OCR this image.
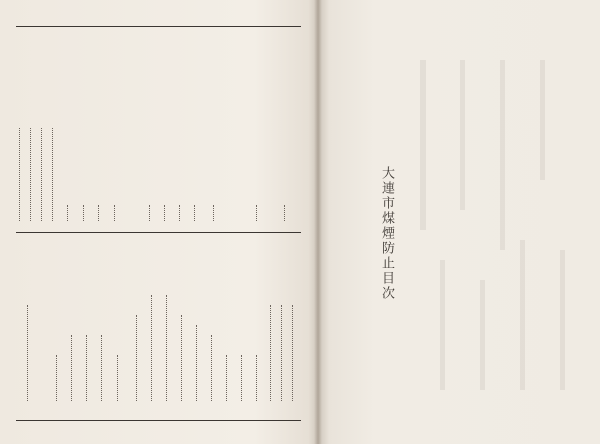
大連市煤煙防止目次
